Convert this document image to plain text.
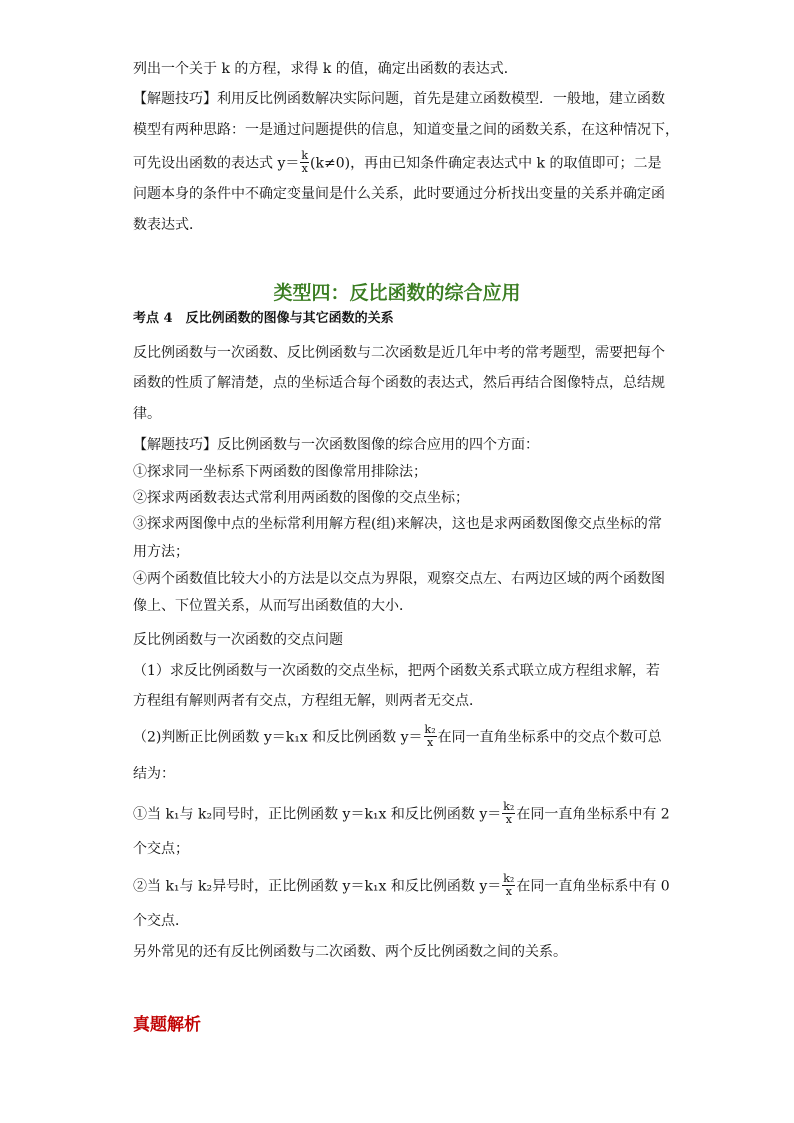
列出一个关于 k 的方程，求得 k 的值，确定出函数的表达式．
【解题技巧】利用反比例函数解决实际问题，首先是建立函数模型．一般地，建立函数
模型有两种思路：一是通过问题提供的信息，知道变量之间的函数关系，在这种情况下，
可先设出函数的表达式 $y= \frac{k}{x} (k\ne 0)$，再由已知条件确定表达式中 k 的取值即可；二是
问题本身的条件中不确定变量间是什么关系，此时要通过分析找出变量的关系并确定函
数表达式．
类型四：反比函数的综合应用
考点 4　反比例函数的图像与其它函数的关系
反比例函数与一次函数、反比例函数与二次函数是近几年中考的常考题型，需要把每个
函数的性质了解清楚，点的坐标适合每个函数的表达式，然后再结合图像特点，总结规
律。
【解题技巧】反比例函数与一次函数图像的综合应用的四个方面：
①探求同一坐标系下两函数的图像常用排除法；
②探求两函数表达式常利用两函数的图像的交点坐标；
③探求两图像中点的坐标常利用解方程(组)来解决，这也是求两函数图像交点坐标的常
用方法；
④两个函数值比较大小的方法是以交点为界限，观察交点左、右两边区域的两个函数图
像上、下位置关系，从而写出函数值的大小．
反比例函数与一次函数的交点问题
（1）求反比例函数与一次函数的交点坐标，把两个函数关系式联立成方程组求解，若
方程组有解则两者有交点，方程组无解，则两者无交点．
（2)判断正比例函数 y＝k₁x 和反比例函数 $y= \frac{\text{k₂}}{x}$ 在同一直角坐标系中的交点个数可总
结为：
①当 k₁与 k₂同号时，正比例函数 y＝k₁x 和反比例函数 $y= \frac{\text{k₂}}{x}$ 在同一直角坐标系中有 2
个交点；
②当 k₁与 k₂异号时，正比例函数 y＝k₁x 和反比例函数 $y= \frac{\text{k₂}}{x}$ 在同一直角坐标系中有 0
个交点．
另外常见的还有反比例函数与二次函数、两个反比例函数之间的关系。
真题解析
